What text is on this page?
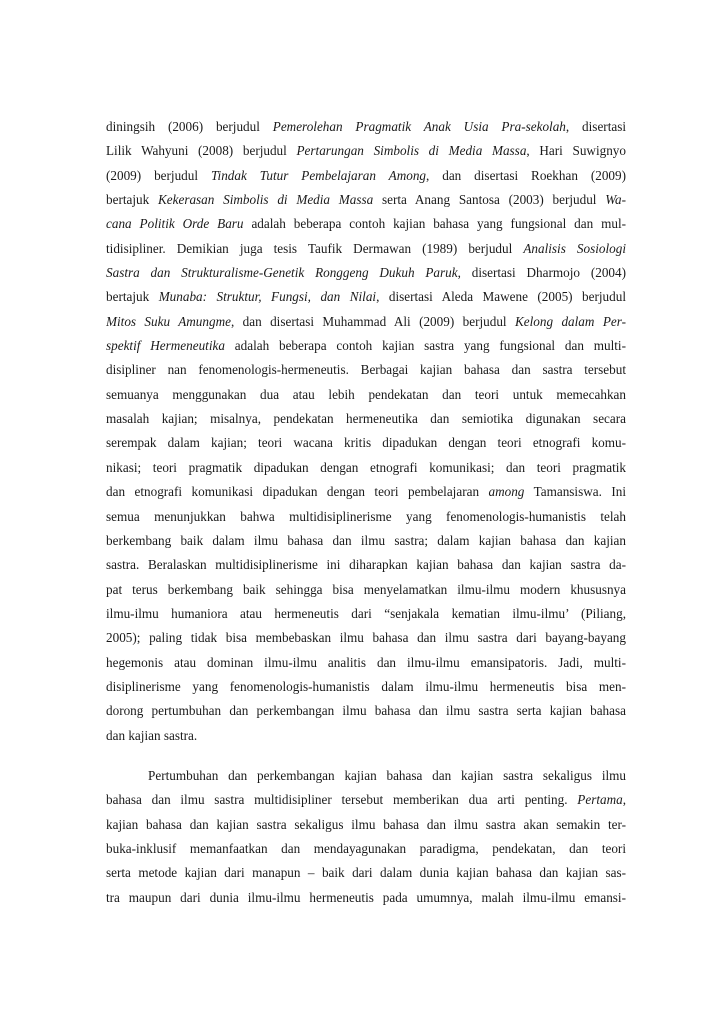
diningsih (2006) berjudul Pemerolehan Pragmatik Anak Usia Pra-sekolah, disertasi
Lilik Wahyuni (2008) berjudul Pertarungan Simbolis di Media Massa, Hari Suwignyo
(2009) berjudul Tindak Tutur Pembelajaran Among, dan disertasi Roekhan (2009)
bertajuk Kekerasan Simbolis di Media Massa serta Anang Santosa (2003) berjudul Wa-
cana Politik Orde Baru adalah beberapa contoh kajian bahasa yang fungsional dan mul-
tidisipliner. Demikian juga tesis Taufik Dermawan (1989) berjudul Analisis Sosiologi
Sastra dan Strukturalisme-Genetik Ronggeng Dukuh Paruk, disertasi Dharmojo (2004)
bertajuk Munaba: Struktur, Fungsi, dan Nilai, disertasi Aleda Mawene (2005) berjudul
Mitos Suku Amungme, dan disertasi Muhammad Ali (2009) berjudul Kelong dalam Per-
spektif Hermeneutika adalah beberapa contoh kajian sastra yang fungsional dan multi-
disipliner nan fenomenologis-hermeneutis. Berbagai kajian bahasa dan sastra tersebut
semuanya menggunakan dua atau lebih pendekatan dan teori untuk memecahkan
masalah kajian; misalnya, pendekatan hermeneutika dan semiotika digunakan secara
serempak dalam kajian; teori wacana kritis dipadukan dengan teori etnografi komu-
nikasi; teori pragmatik dipadukan dengan etnografi komunikasi; dan teori pragmatik
dan etnografi komunikasi dipadukan dengan teori pembelajaran among Tamansiswa. Ini
semua menunjukkan bahwa multidisiplinerisme yang fenomenologis-humanistis telah
berkembang baik dalam ilmu bahasa dan ilmu sastra; dalam kajian bahasa dan kajian
sastra. Beralaskan multidisiplinerisme ini diharapkan kajian bahasa dan kajian sastra da-
pat terus berkembang baik sehingga bisa menyelamatkan ilmu-ilmu modern khususnya
ilmu-ilmu humaniora atau hermeneutis dari “senjakala kematian ilmu-ilmu’ (Piliang,
2005); paling tidak bisa membebaskan ilmu bahasa dan ilmu sastra dari bayang-bayang
hegemonis atau dominan ilmu-ilmu analitis dan ilmu-ilmu emansipatoris. Jadi, multi-
disiplinerisme yang fenomenologis-humanistis dalam ilmu-ilmu hermeneutis bisa men-
dorong pertumbuhan dan perkembangan ilmu bahasa dan ilmu sastra serta kajian bahasa
dan kajian sastra.
Pertumbuhan dan perkembangan kajian bahasa dan kajian sastra sekaligus ilmu
bahasa dan ilmu sastra multidisipliner tersebut memberikan dua arti penting. Pertama,
kajian bahasa dan kajian sastra sekaligus ilmu bahasa dan ilmu sastra akan semakin ter-
buka-inklusif memanfaatkan dan mendayagunakan paradigma, pendekatan, dan teori
serta metode kajian dari manapun – baik dari dalam dunia kajian bahasa dan kajian sas-
tra maupun dari dunia ilmu-ilmu hermeneutis pada umumnya, malah ilmu-ilmu emansi-
